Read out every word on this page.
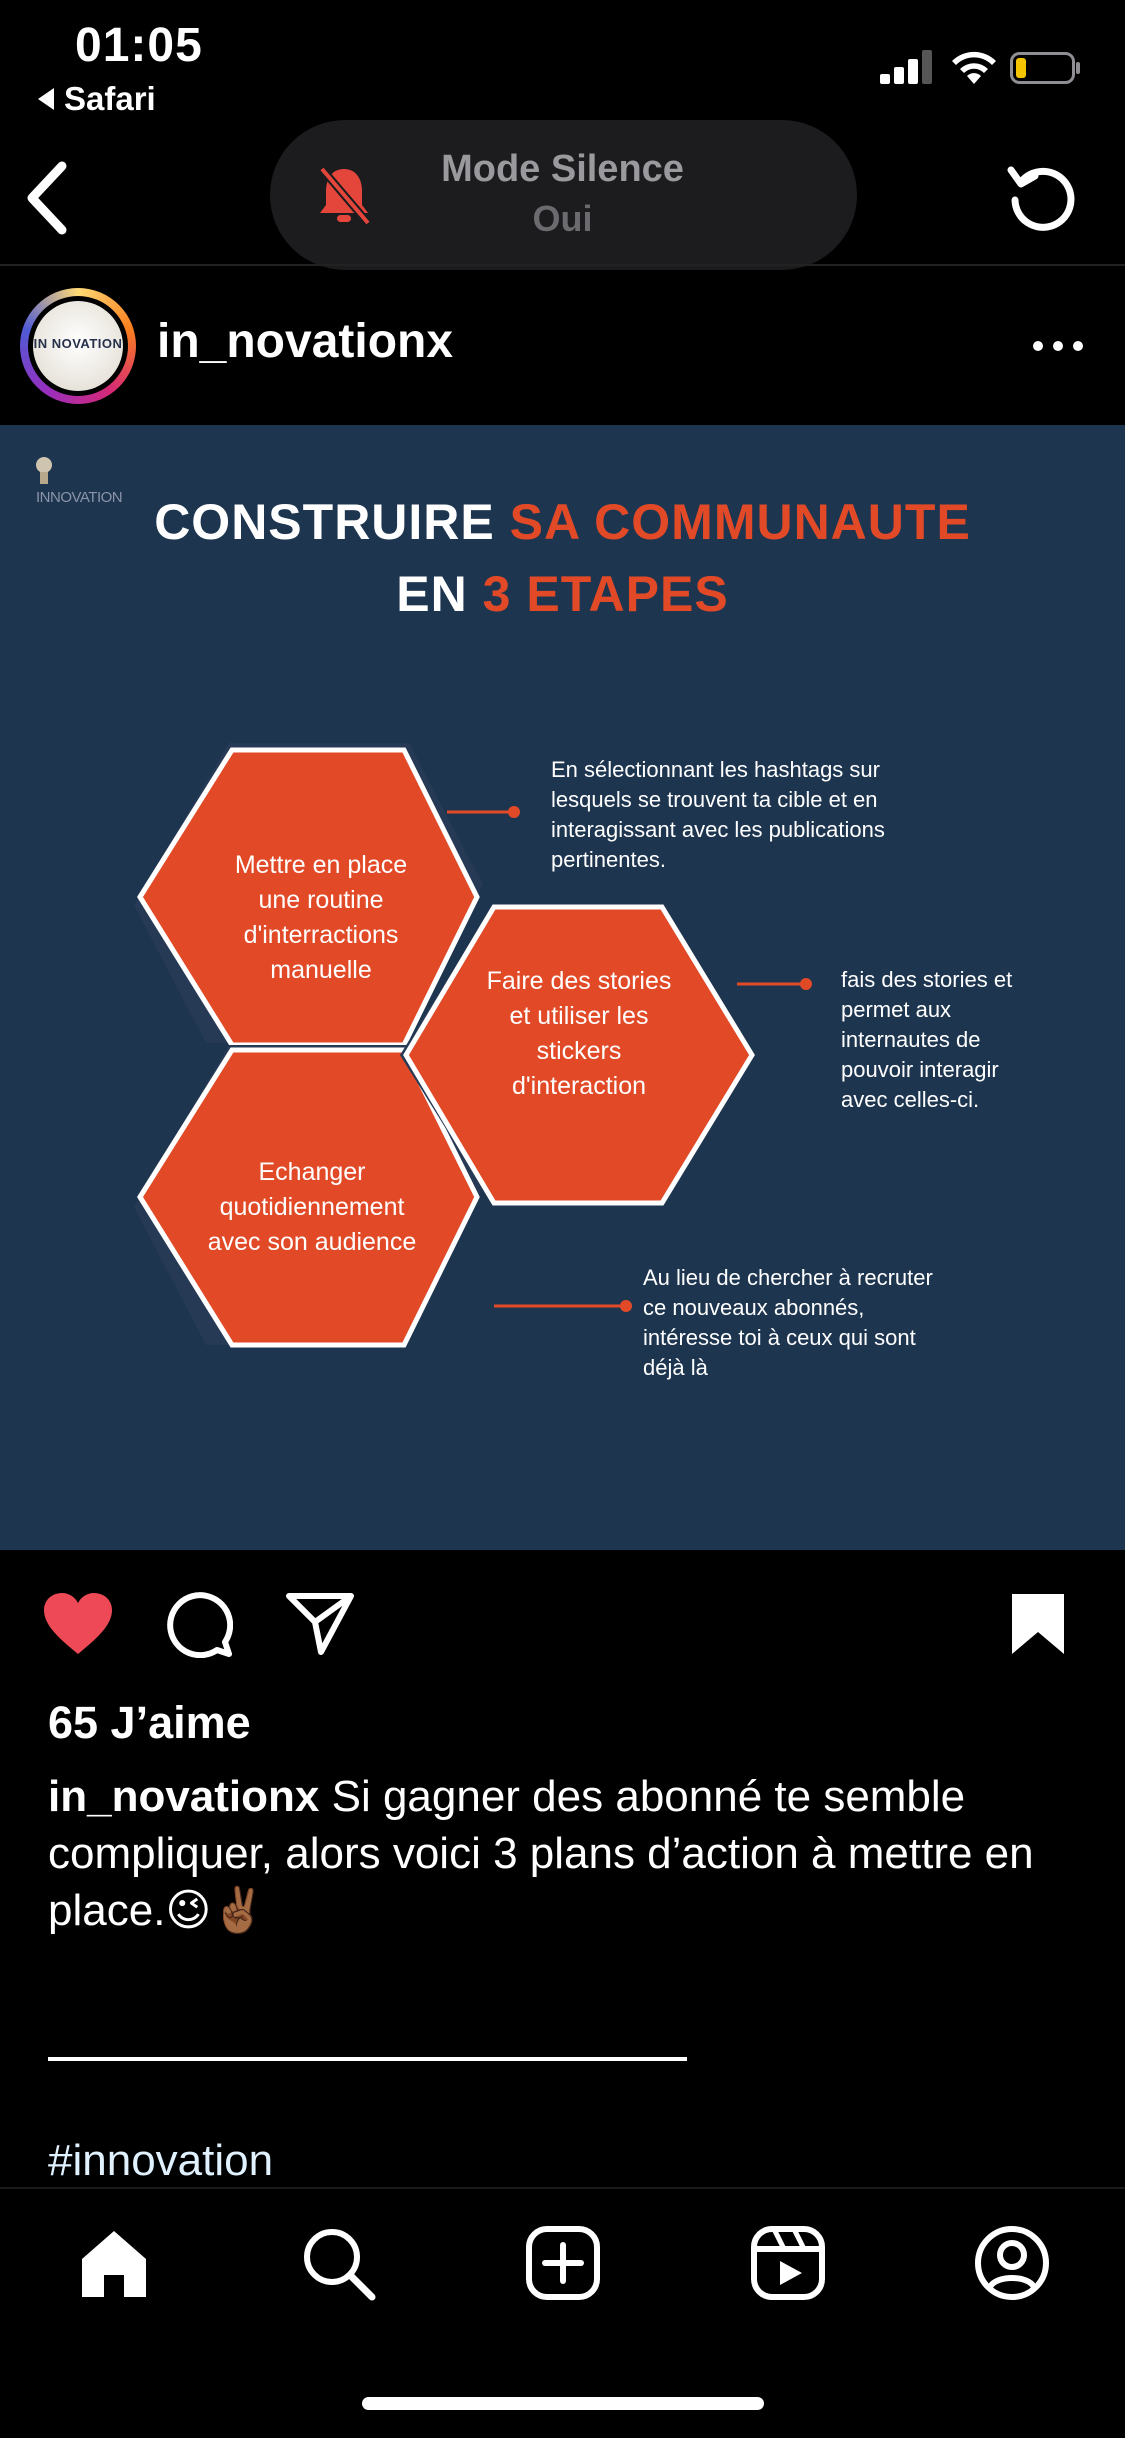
01:05
Safari
Mode Silence
Oui
IN NOVATION in_novationx
INNOVATION CONSTRUIRE SA COMMUNAUTE
EN 3 ETAPES
Mettre en place une routine d'interractions manuelle	Faire des stories et utiliser les stickers d'interaction
Echanger quotidiennement avec son audience
En sélectionnant les hashtags sur lesquels se trouvent ta cible et en interagissant avec les publications pertinentes.
fais des stories et permet aux internautes de pouvoir interagir avec celles-ci.
Au lieu de chercher à recruter ce nouveaux abonnés, intéresse toi à ceux qui sont déjà là
65 J’aime
in_novationx Si gagner des abonné te semble compliquer, alors voici 3 plans d’action à mettre en place.😉✌🏾
#innovation
